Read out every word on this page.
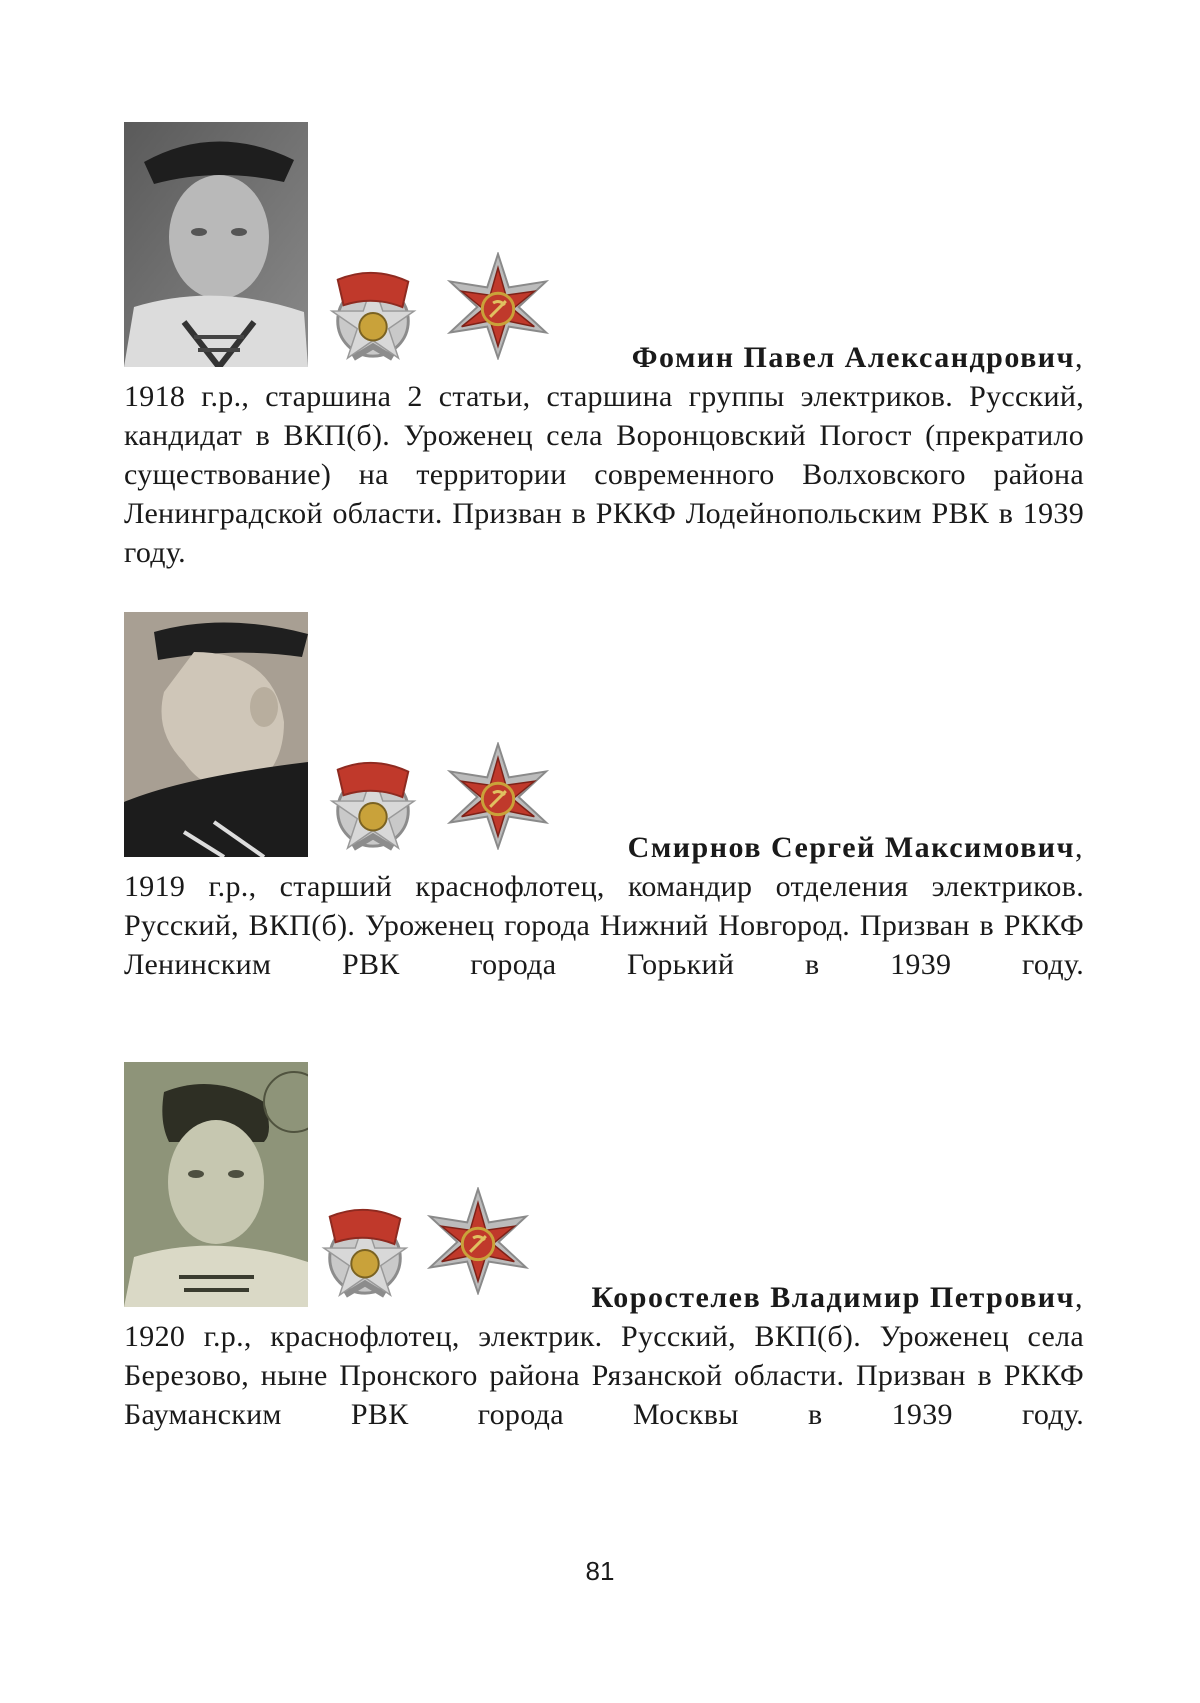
Фомин Павел Александрович,

1918 г.р., старшина 2 статьи, старшина группы электриков. Русский, кандидат в ВКП(б). Уроженец села Воронцовский Погост (прекратило существование) на территории современного Волховского района Ленинградской области. Призван в РККФ Лодейнопольским РВК в 1939 году.

Смирнов Сергей Максимович,

1919 г.р., старший краснофлотец, командир отделения электриков. Русский, ВКП(б). Уроженец города Нижний Новгород. Призван в РККФ Ленинским РВК города Горький в 1939 году.

Коростелев Владимир Петрович,

1920 г.р., краснофлотец, электрик. Русский, ВКП(б). Уроженец села Березово, ныне Пронского района Рязанской области. Призван в РККФ Бауманским РВК города Москвы в 1939 году.

81
